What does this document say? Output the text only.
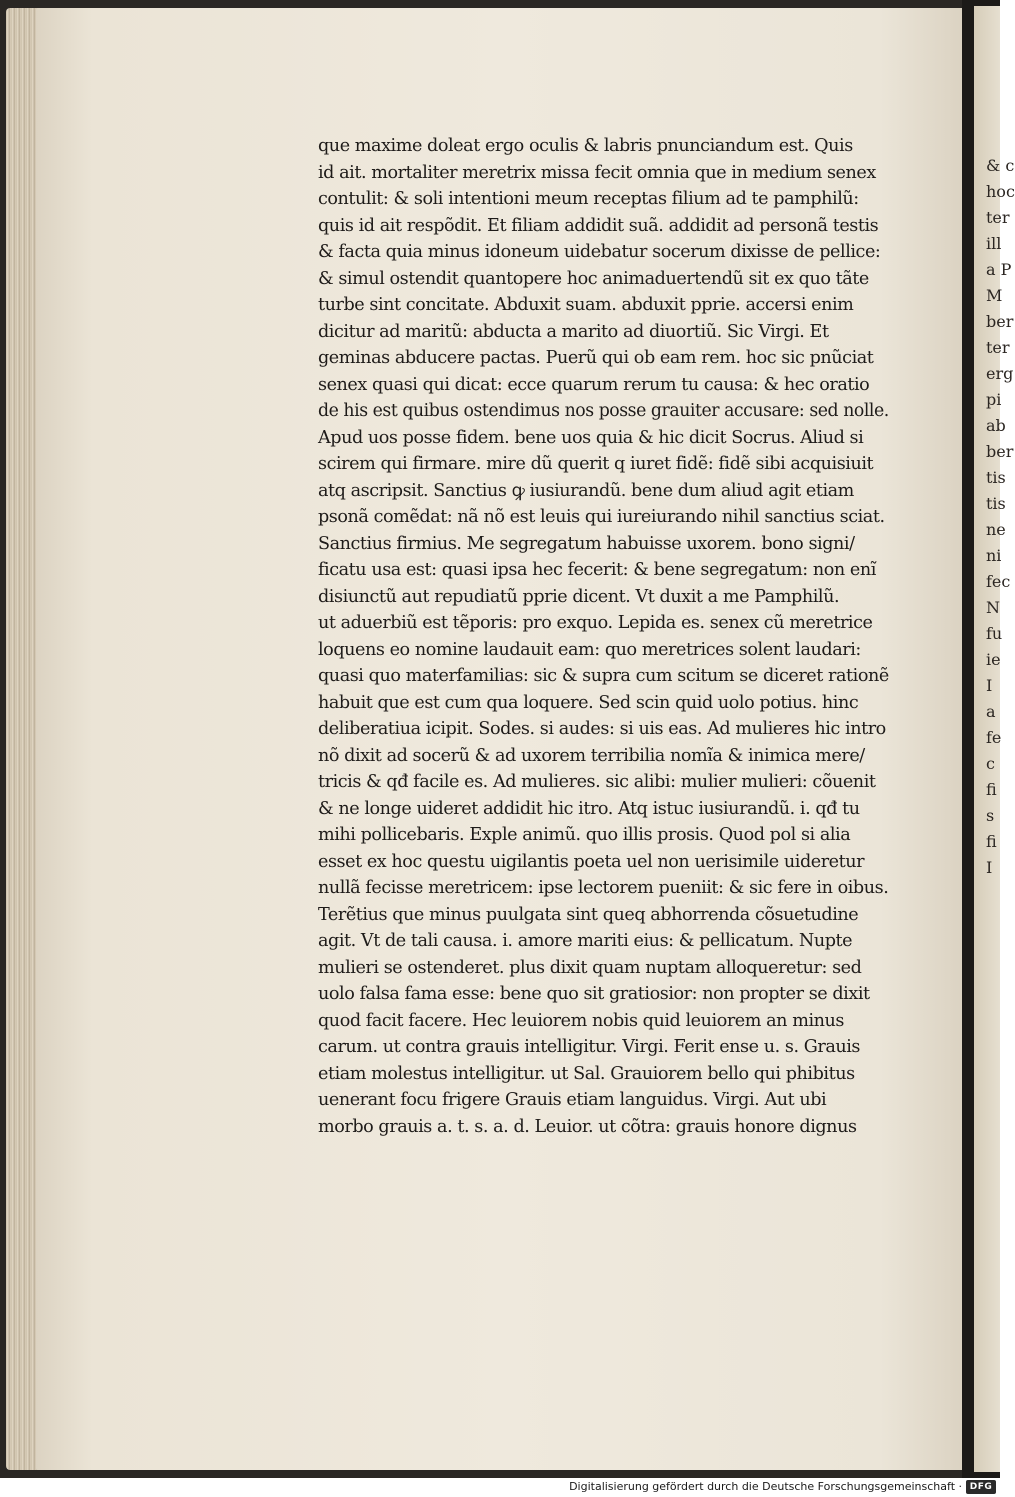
& c
hoc
ter
ill
a P
M
ber
ter
erg
pi
ab
ber
tis
tis
ne
ni
fec
N
fu
ie
I
a
fe
c
fi
s
fi
I
que maxime doleat ergo oculis & labris pnunciandum est. Quis
id ait. mortaliter meretrix missa fecit omnia que in medium senex
contulit: & soli intentioni meum receptas filium ad te pamphilũ:
quis id ait respõdit. Et filiam addidit suã. addidit ad personã testis
& facta quia minus idoneum uidebatur socerum dixisse de pellice:
& simul ostendit quantopere hoc animaduertendũ sit ex quo tãte
turbe sint concitate. Abduxit suam. abduxit pprie. accersi enim
dicitur ad maritũ: abducta a marito ad diuortiũ. Sic Virgi. Et
geminas abducere pactas. Puerũ qui ob eam rem. hoc sic pnũciat
senex quasi qui dicat: ecce quarum rerum tu causa: & hec oratio
de his est quibus ostendimus nos posse grauiter accusare: sed nolle.
Apud uos posse fidem. bene uos quia & hic dicit Socrus. Aliud si
scirem qui firmare. mire dũ querit q iuret fidẽ: fidẽ sibi acquisiuit
atq ascripsit. Sanctius ꝙ iusiurandũ. bene dum aliud agit etiam
psonã comẽdat: nã nõ est leuis qui iureiurando nihil sanctius sciat.
Sanctius firmius. Me segregatum habuisse uxorem. bono signi/
ficatu usa est: quasi ipsa hec fecerit: & bene segregatum: non enĩ
disiunctũ aut repudiatũ pprie dicent. Vt duxit a me Pamphilũ.
ut aduerbiũ est tẽporis: pro exquo. Lepida es. senex cũ meretrice
loquens eo nomine laudauit eam: quo meretrices solent laudari:
quasi quo materfamilias: sic & supra cum scitum se diceret rationẽ
habuit que est cum qua loquere. Sed scin quid uolo potius. hinc
deliberatiua icipit. Sodes. si audes: si uis eas. Ad mulieres hic intro
nõ dixit ad socerũ & ad uxorem terribilia nomĩa & inimica mere/
tricis & qđ facile es. Ad mulieres. sic alibi: mulier mulieri: cõuenit
& ne longe uideret addidit hic itro. Atq istuc iusiurandũ. i. qđ tu
mihi pollicebaris. Exple animũ. quo illis prosis. Quod pol si alia
esset ex hoc questu uigilantis poeta uel non uerisimile uideretur
nullã fecisse meretricem: ipse lectorem pueniit: & sic fere in oibus.
Terẽtius que minus puulgata sint queq abhorrenda cõsuetudine
agit. Vt de tali causa. i. amore mariti eius: & pellicatum. Nupte
mulieri se ostenderet. plus dixit quam nuptam alloqueretur: sed
uolo falsa fama esse: bene quo sit gratiosior: non propter se dixit
quod facit facere. Hec leuiorem nobis quid leuiorem an minus
carum. ut contra grauis intelligitur. Virgi. Ferit ense u. s. Grauis
etiam molestus intelligitur. ut Sal. Grauiorem bello qui phibitus
uenerant focu frigere Grauis etiam languidus. Virgi. Aut ubi
morbo grauis a. t. s. a. d. Leuior. ut cõtra: grauis honore dignus
Digitalisierung gefördert durch die Deutsche Forschungsgemeinschaft · DFG
